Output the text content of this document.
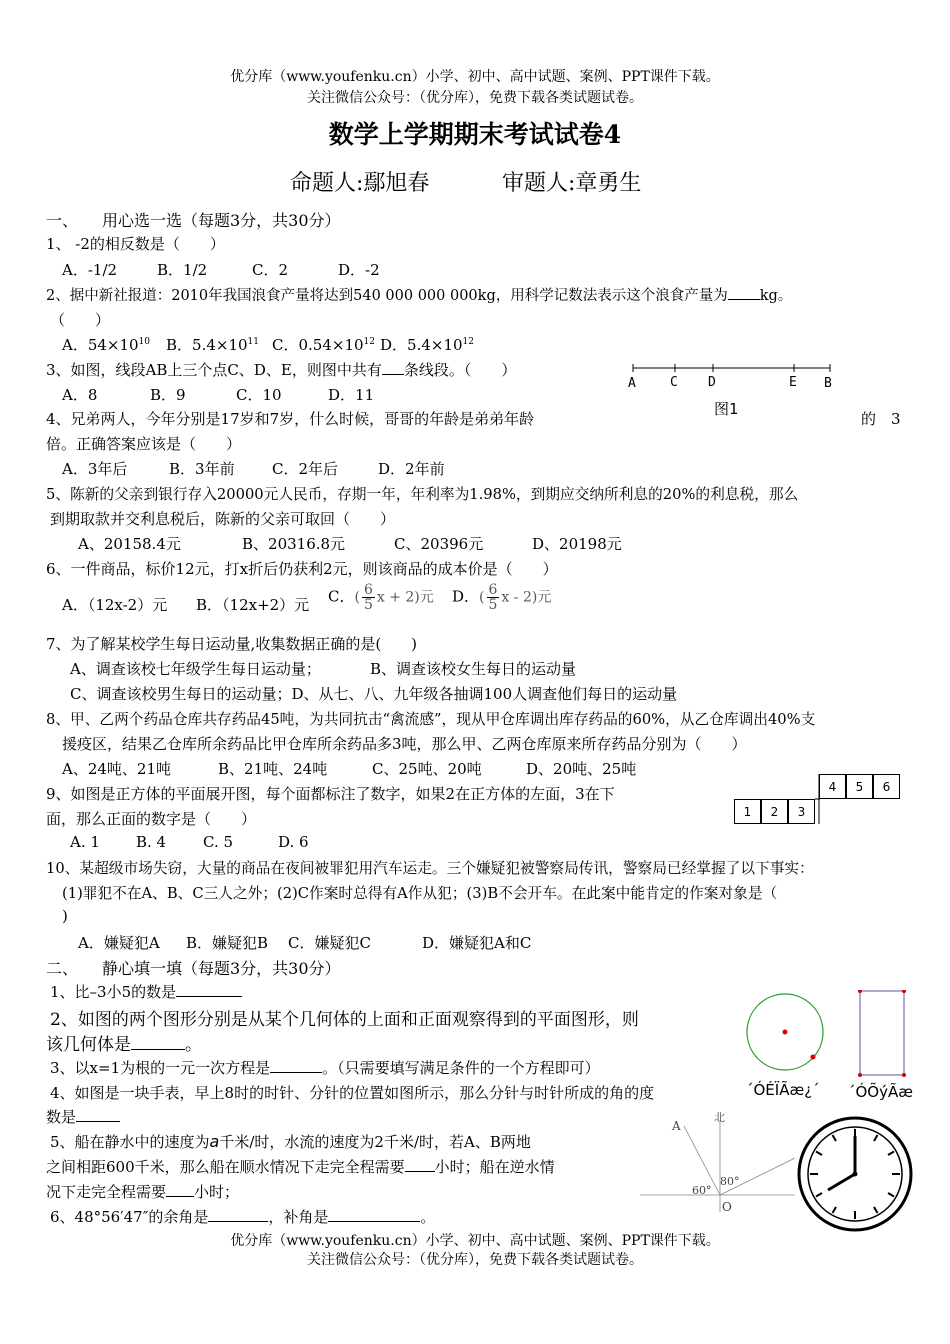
优分库（www.youfenku.cn）小学、初中、高中试题、案例、PPT课件下载。
关注微信公众号：（优分库），免费下载各类试题试卷。
数学上学期期末考试试卷4
命题人:鄢旭春	审题人:章勇生
一、　　用心选一选（每题3分，共30分）
1、 -2的相反数是（　　）
A．-1/2	B．1/2	C．2	D．-2
2、据中新社报道：2010年我国浪食产量将达到540 000 000 000kg，用科学记数法表示这个浪食产量为 kg。
（　　）
A．$54\times 10^{10}$ B．$5.4\times 10^{11}$ C．$0.54\times 10^{12}$ D．$5.4\times 10^{12}$
3、如图，线段AB上三个点C、D、E，则图中共有 条线段。（　　）
A．8	B．9	C．10	D．11
A	C D	E B
图1
4、兄弟两人，今年分别是17岁和7岁，什么时候，哥哥的年龄是弟弟年龄	的　3
倍。正确答案应该是（　　）
A．3年后	B．3年前 C．2年后	D．2年前
5、陈新的父亲到银行存入20000元人民币，存期一年，年利率为1.98%，到期应交纳所利息的20%的利息税，那么
到期取款并交利息税后，陈新的父亲可取回（　　）
A、20158.4元	B、20316.8元	C、20396元	D、20198元
6、一件商品，标价12元，打x折后仍获利2元，则该商品的成本价是（　　）
A．（12x-2）元 B．（12x+2）元 C．( $\frac{6}{5}$ x + 2)元 D．( $\frac{6}{5}$ x - 2)元
7、为了解某校学生每日运动量,收集数据正确的是(　　)
A、调查该校七年级学生每日运动量；	B、调查该校女生每日的运动量
C、调查该校男生每日的运动量；D、从七、八、九年级各抽调100人调查他们每日的运动量
8、甲、乙两个药品仓库共存药品45吨，为共同抗击“禽流感”，现从甲仓库调出库存药品的60%，从乙仓库调出40%支
援疫区，结果乙仓库所余药品比甲仓库所余药品多3吨，那么甲、乙两仓库原来所存药品分别为（　　）
A、24吨、21吨	B、21吨、24吨	C、25吨、20吨	D、20吨、25吨
9、如图是正方体的平面展开图，每个面都标注了数字，如果2在正方体的左面，3在下
面，那么正面的数字是（　　）
A. 1 B. 4 C. 5	D. 6
1	2	3
4	5	6
10、某超级市场失窃，大量的商品在夜间被罪犯用汽车运走。三个嫌疑犯被警察局传讯，警察局已经掌握了以下事实：
(1)罪犯不在A、B、C三人之外；(2)C作案时总得有A作从犯；(3)B不会开车。在此案中能肯定的作案对象是（
)
A．嫌疑犯A B．嫌疑犯B C．嫌疑犯C	D．嫌疑犯A和C
二、　　静心填一填（每题3分，共30分）
1、比–3小5的数是
2、如图的两个图形分别是从某个几何体的上面和正面观察得到的平面图形，则
该几何体是	。
3、以x=1为根的一元一次方程是	。（只需要填写满足条件的一个方程即可）
4、如图是一块手表，早上8时的时针、分针的位置如图所示，那么分针与时针所成的角的度
数是
5、船在静水中的速度为a千米/时，水流的速度为2千米/时，若A、B两地
之间相距600千米，那么船在顺水情况下走完全程需要 小时；船在逆水情
况下走完全程需要 小时；
6、48°56′47″的余角是	，补角是	。
´ÓÉÏÃæ¿´ ´ÓÕýÃæ
北
A
80°
60°
O
优分库（www.youfenku.cn）小学、初中、高中试题、案例、PPT课件下载。
关注微信公众号：（优分库），免费下载各类试题试卷。
